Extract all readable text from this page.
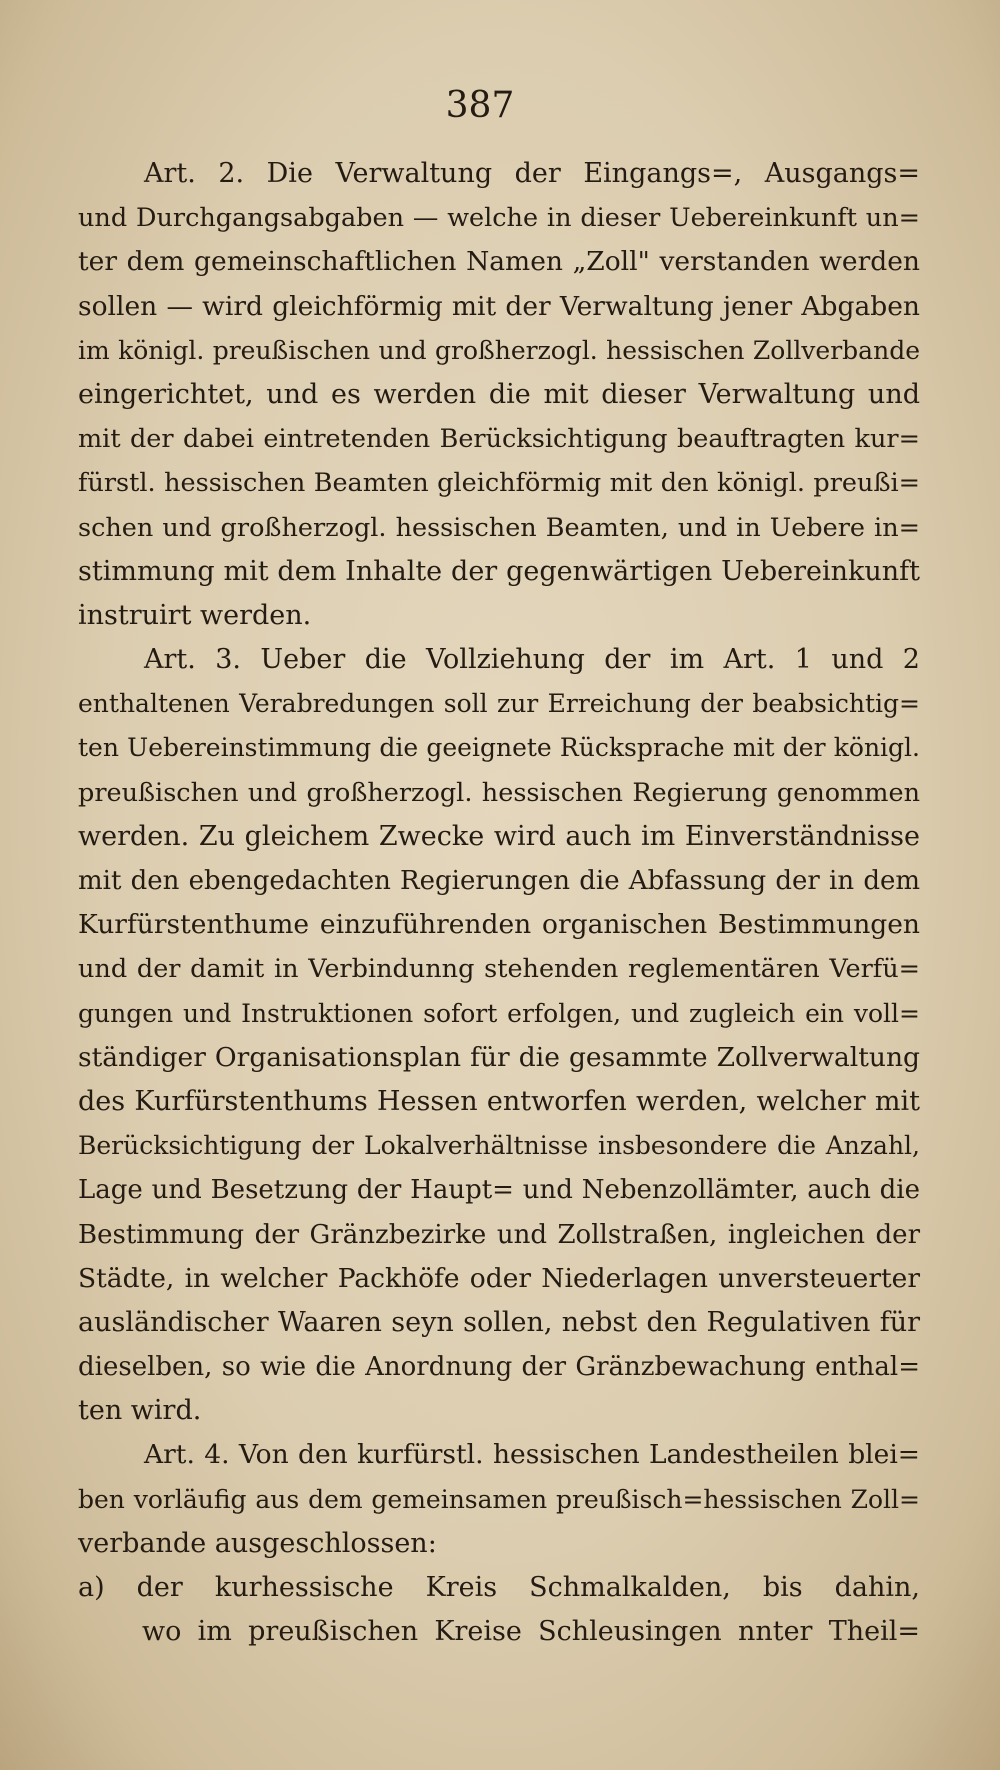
387
Art. 2. Die Verwaltung der Eingangs=, Ausgangs=
und Durchgangsabgaben — welche in dieser Uebereinkunft un=
ter dem gemeinschaftlichen Namen „Zoll" verstanden werden
sollen — wird gleichförmig mit der Verwaltung jener Abgaben
im königl. preußischen und großherzogl. hessischen Zollverbande
eingerichtet, und es werden die mit dieser Verwaltung und
mit der dabei eintretenden Berücksichtigung beauftragten kur=
fürstl. hessischen Beamten gleichförmig mit den königl. preußi=
schen und großherzogl. hessischen Beamten, und in Uebere in=
stimmung mit dem Inhalte der gegenwärtigen Uebereinkunft
instruirt werden.
Art. 3. Ueber die Vollziehung der im Art. 1 und 2
enthaltenen Verabredungen soll zur Erreichung der beabsichtig=
ten Uebereinstimmung die geeignete Rücksprache mit der königl.
preußischen und großherzogl. hessischen Regierung genommen
werden. Zu gleichem Zwecke wird auch im Einverständnisse
mit den ebengedachten Regierungen die Abfassung der in dem
Kurfürstenthume einzuführenden organischen Bestimmungen
und der damit in Verbindunng stehenden reglementären Verfü=
gungen und Instruktionen sofort erfolgen, und zugleich ein voll=
ständiger Organisationsplan für die gesammte Zollverwaltung
des Kurfürstenthums Hessen entworfen werden, welcher mit
Berücksichtigung der Lokalverhältnisse insbesondere die Anzahl,
Lage und Besetzung der Haupt= und Nebenzollämter, auch die
Bestimmung der Gränzbezirke und Zollstraßen, ingleichen der
Städte, in welcher Packhöfe oder Niederlagen unversteuerter
ausländischer Waaren seyn sollen, nebst den Regulativen für
dieselben, so wie die Anordnung der Gränzbewachung enthal=
ten wird.
Art. 4. Von den kurfürstl. hessischen Landestheilen blei=
ben vorläufig aus dem gemeinsamen preußisch=hessischen Zoll=
verbande ausgeschlossen:
a) der kurhessische Kreis Schmalkalden, bis dahin,
wo im preußischen Kreise Schleusingen nnter Theil=
